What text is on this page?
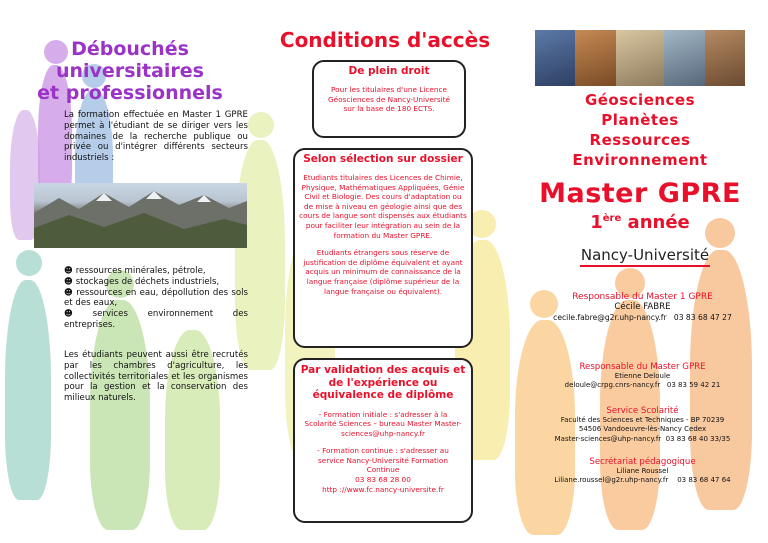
Débouchés universitaires
et professionnels
La formation effectuée en Master 1 GPRE permet à l'étudiant de se diriger vers les domaines de la recherche publique ou privée ou d'intégrer différents secteurs industriels :
☻ ressources minérales, pétrole,
☻ stockages de déchets industriels,
☻ ressources en eau, dépollution des sols et des eaux,
☻ services environnement des entreprises.
Les étudiants peuvent aussi être recrutés par les chambres d'agriculture, les collectivités territoriales et les organismes pour la gestion et la conservation des milieux naturels.
Conditions d'accès
De plein droit
Pour les titulaires d'une Licence Géosciences de Nancy-Université sur la base de 180 ECTS.
Selon sélection sur dossier
Etudiants titulaires des Licences de Chimie, Physique, Mathématiques Appliquées, Génie Civil et Biologie. Des cours d'adaptation ou de mise à niveau en géologie ainsi que des cours de langue sont dispensés aux étudiants pour faciliter leur intégration au sein de la formation du Master GPRE.
Etudiants étrangers sous réserve de justification de diplôme équivalent et ayant acquis un minimum de connaissance de la langue française (diplôme supérieur de la langue française ou équivalent).
Par validation des acquis et de l'expérience ou équivalence de diplôme
- Formation initiale : s'adresser à la Scolarité Sciences – bureau Master Master-sciences@uhp-nancy.fr
- Formation continue : s'adresser au service Nancy-Université Formation Continue
03 83 68 28 00
http ://www.fc.nancy-universite.fr
Géosciences
Planètes
Ressources
Environnement
Master GPRE
1ère année
Nancy-Université
Responsable du Master 1 GPRE
Cécile FABRE
cecile.fabre@g2r.uhp-nancy.fr 03 83 68 47 27
Responsable du Master GPRE
Etienne Deloule
deloule@crpg.cnrs-nancy.fr 03 83 59 42 21
Service Scolarité
Faculté des Sciences et Techniques - BP 70239
54506 Vandoeuvre-lès-Nancy Cedex
Master-sciences@uhp-nancy.fr 03 83 68 40 33/35
Secrétariat pédagogique
Liliane Roussel
Liliane.roussel@g2r.uhp-nancy.fr 03 83 68 47 64
